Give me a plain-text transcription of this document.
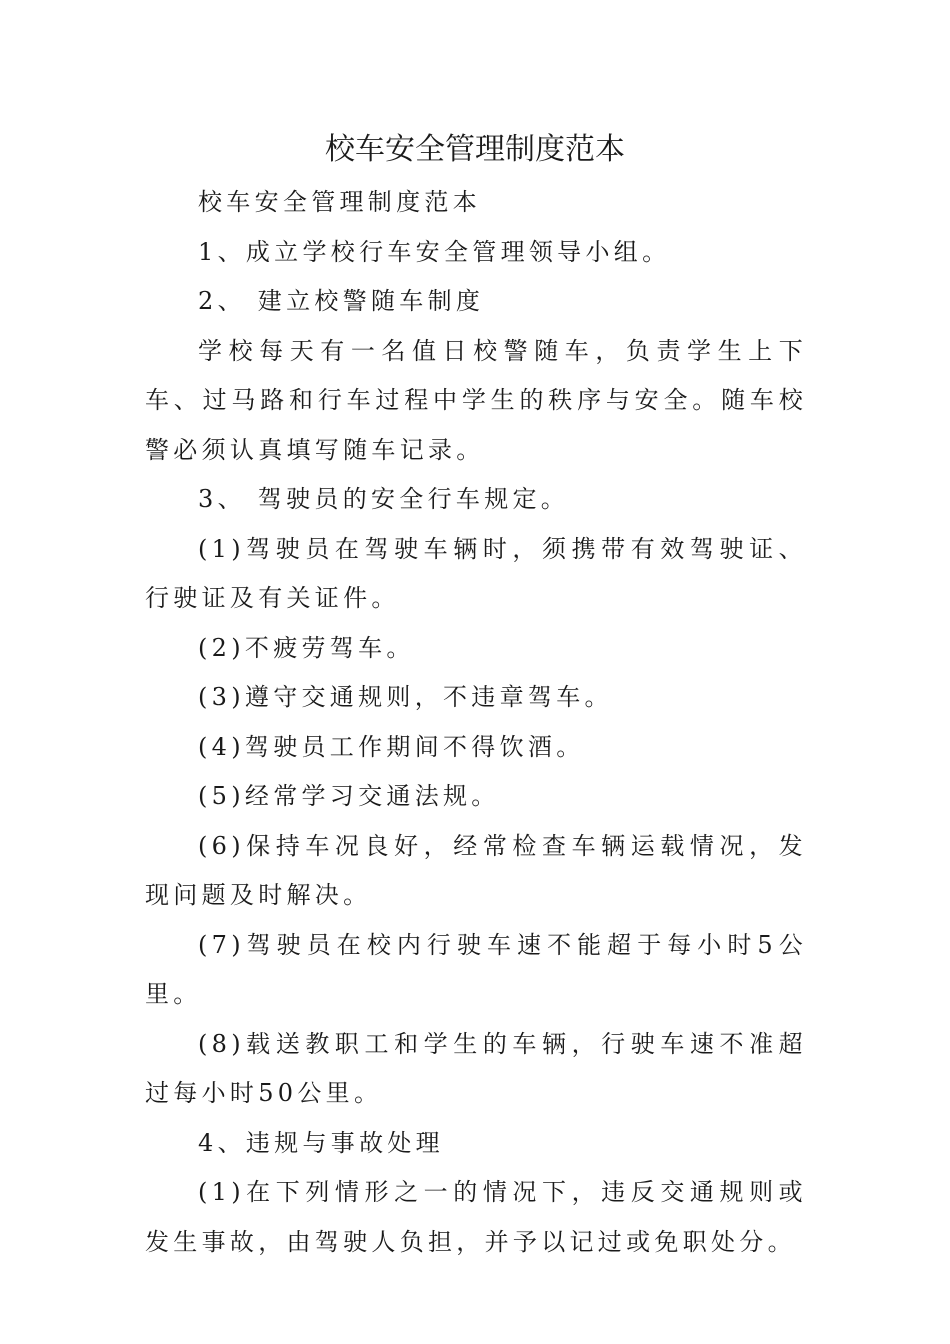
校车安全管理制度范本

校车安全管理制度范本

1、成立学校行车安全管理领导小组。

2、 建立校警随车制度

学校每天有一名值日校警随车，负责学生上下车、过马路和行车过程中学生的秩序与安全。随车校警必须认真填写随车记录。

3、 驾驶员的安全行车规定。

(1)驾驶员在驾驶车辆时，须携带有效驾驶证、行驶证及有关证件。

(2)不疲劳驾车。

(3)遵守交通规则，不违章驾车。

(4)驾驶员工作期间不得饮酒。

(5)经常学习交通法规。

(6)保持车况良好，经常检查车辆运载情况，发现问题及时解决。

(7)驾驶员在校内行驶车速不能超于每小时5公里。

(8)载送教职工和学生的车辆，行驶车速不准超过每小时50公里。

4、违规与事故处理

(1)在下列情形之一的情况下，违反交通规则或发生事故，由驾驶人负担，并予以记过或免职处分。
